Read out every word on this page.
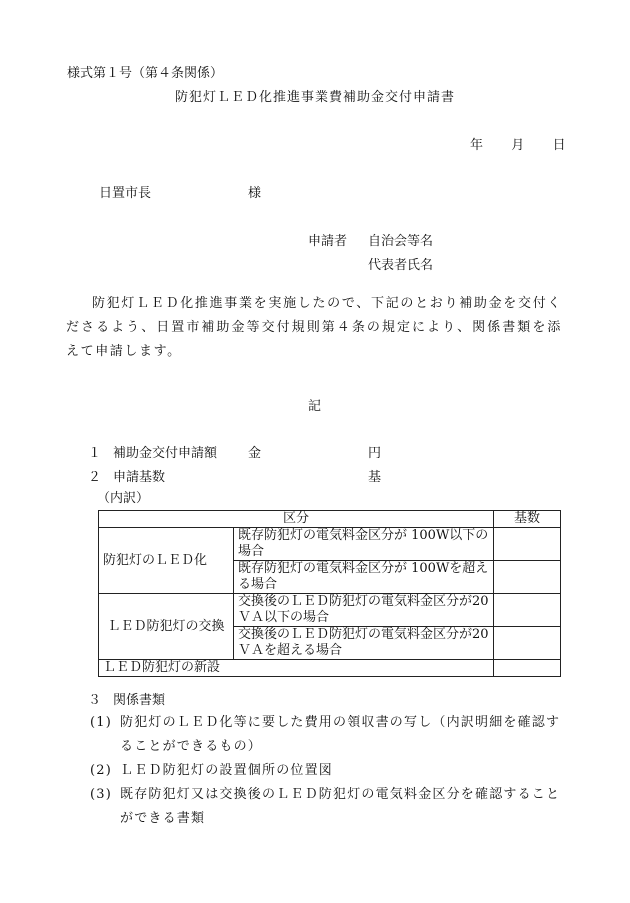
様式第１号（第４条関係）
防犯灯ＬＥＤ化推進事業費補助金交付申請書
年 月 日
日置市長	様
申請者 自治会等名
代表者氏名
防犯灯ＬＥＤ化推進事業を実施したので、下記のとおり補助金を交付くださるよう、日置市補助金等交付規則第４条の規定により、関係書類を添えて申請します。
記
１ 補助金交付申請額 金	円
２ 申請基数	基
（内訳）
区分		基数
防犯灯のＬＥＤ化	既存防犯灯の電気料金区分が 100W以下の場合	
	既存防犯灯の電気料金区分が 100Wを超える場合	
ＬＥＤ防犯灯の交換	交換後のＬＥＤ防犯灯の電気料金区分が20ＶＡ以下の場合	
	交換後のＬＥＤ防犯灯の電気料金区分が20ＶＡを超える場合	
ＬＥＤ防犯灯の新設		
３ 関係書類
(1) 防犯灯のＬＥＤ化等に要した費用の領収書の写し（内訳明細を確認することができるもの）
(2) ＬＥＤ防犯灯の設置個所の位置図
(3) 既存防犯灯又は交換後のＬＥＤ防犯灯の電気料金区分を確認することができる書類
